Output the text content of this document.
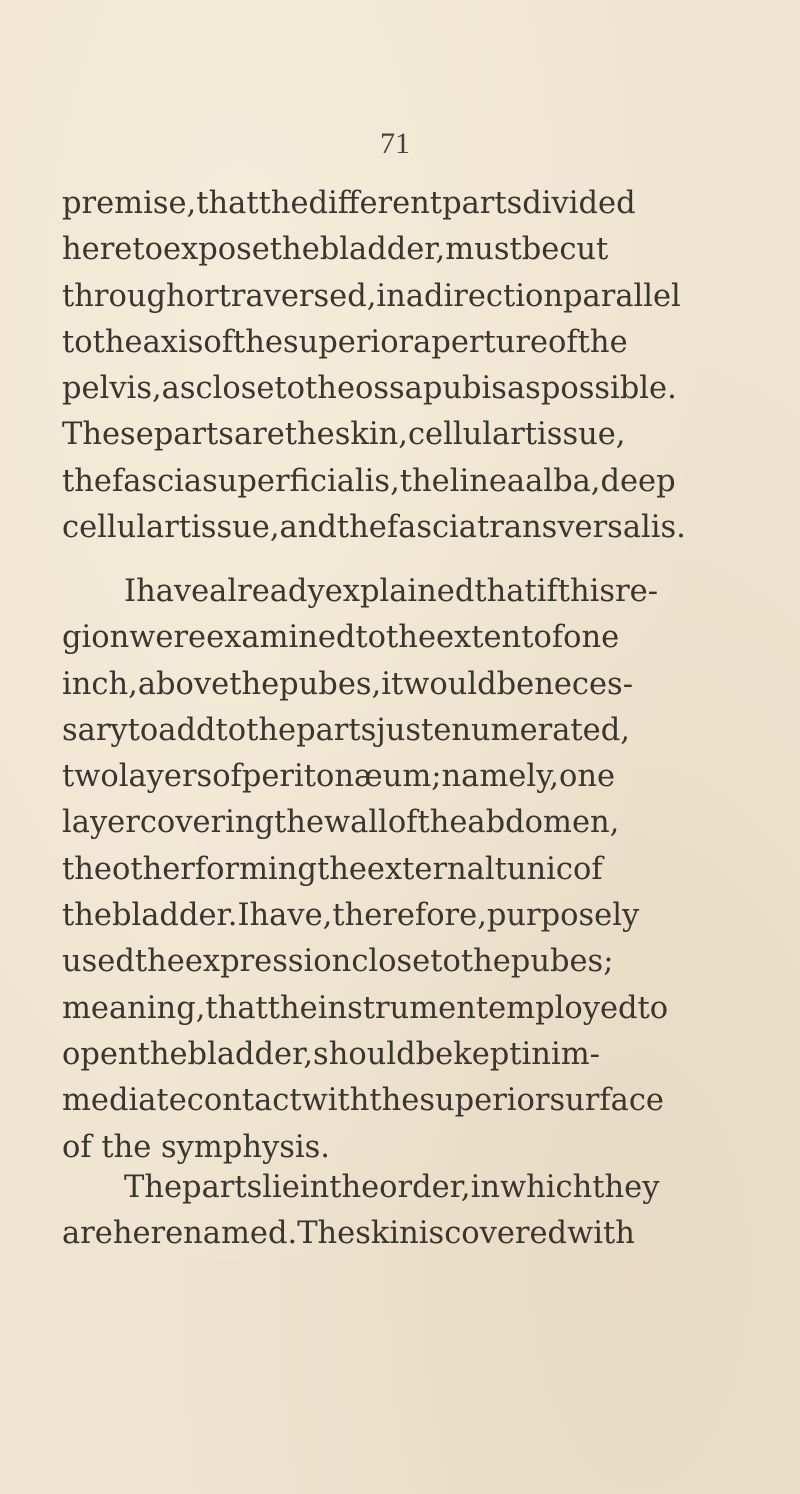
71
premise,thatthedifferentpartsdivided
heretoexposethebladder,mustbecut
throughortraversed,inadirectionparallel
totheaxisofthesuperiorapertureofthe
pelvis,asclosetotheossapubisaspossible.
Thesepartsaretheskin,cellulartissue,
thefasciasuperficialis,thelineaalba,deep
cellulartissue,andthefasciatransversalis.
Ihavealreadyexplainedthatifthisre-
gionwereexaminedtotheextentofone
inch,abovethepubes,itwouldbeneces-
sarytoaddtothepartsjustenumerated,
twolayersofperitonæum;namely,one
layercoveringthewalloftheabdomen,
theotherformingtheexternaltunicof
thebladder.Ihave,therefore,purposely
usedtheexpressionclosetothepubes;
meaning,thattheinstrumentemployedto
openthebladder,shouldbekeptinim-
mediatecontactwiththesuperiorsurface
of the symphysis.
Thepartslieintheorder,inwhichthey
areherenamed.Theskiniscoveredwith
